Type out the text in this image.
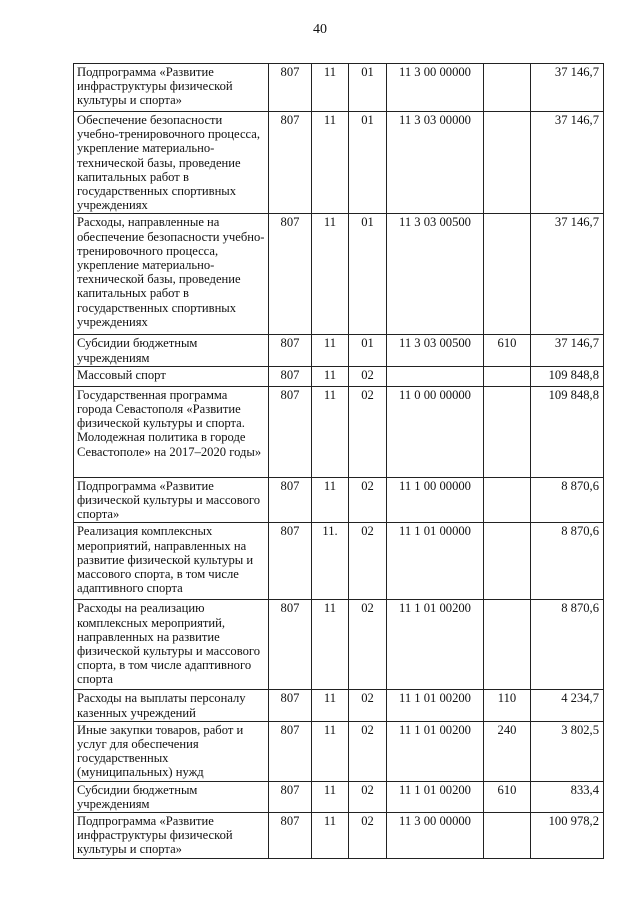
40
Подпрограмма «Развитие инфраструктуры физической культуры и спорта»	807	11	01	11 3 00 00000		37 146,7
Обеспечение безопасности учебно-тренировочного процесса, укрепление материально-технической базы, проведение капитальных работ в государственных спортивных учреждениях	807	11	01	11 3 03 00000		37 146,7
Расходы, направленные на обеспечение безопасности учебно-тренировочного процесса, укрепление материально-технической базы, проведение капитальных работ в государственных спортивных учреждениях	807	11	01	11 3 03 00500		37 146,7
Субсидии бюджетным учреждениям	807	11	01	11 3 03 00500	610	37 146,7
Массовый спорт	807	11	02			109 848,8
Государственная программа города Севастополя «Развитие физической культуры и спорта. Молодежная политика в городе Севастополе» на 2017–2020 годы»	807	11	02	11 0 00 00000		109 848,8
Подпрограмма «Развитие физической культуры и массового спорта»	807	11	02	11 1 00 00000		8 870,6
Реализация комплексных мероприятий, направленных на развитие физической культуры и массового спорта, в том числе адаптивного спорта	807	11.	02	11 1 01 00000		8 870,6
Расходы на реализацию комплексных мероприятий, направленных на развитие физической культуры и массового спорта, в том числе адаптивного спорта	807	11	02	11 1 01 00200		8 870,6
Расходы на выплаты персоналу казенных учреждений	807	11	02	11 1 01 00200	110	4 234,7
Иные закупки товаров, работ и услуг для обеспечения государственных (муниципальных) нужд	807	11	02	11 1 01 00200	240	3 802,5
Субсидии бюджетным учреждениям	807	11	02	11 1 01 00200	610	833,4
Подпрограмма «Развитие инфраструктуры физической культуры и спорта»	807	11	02	11 3 00 00000		100 978,2
